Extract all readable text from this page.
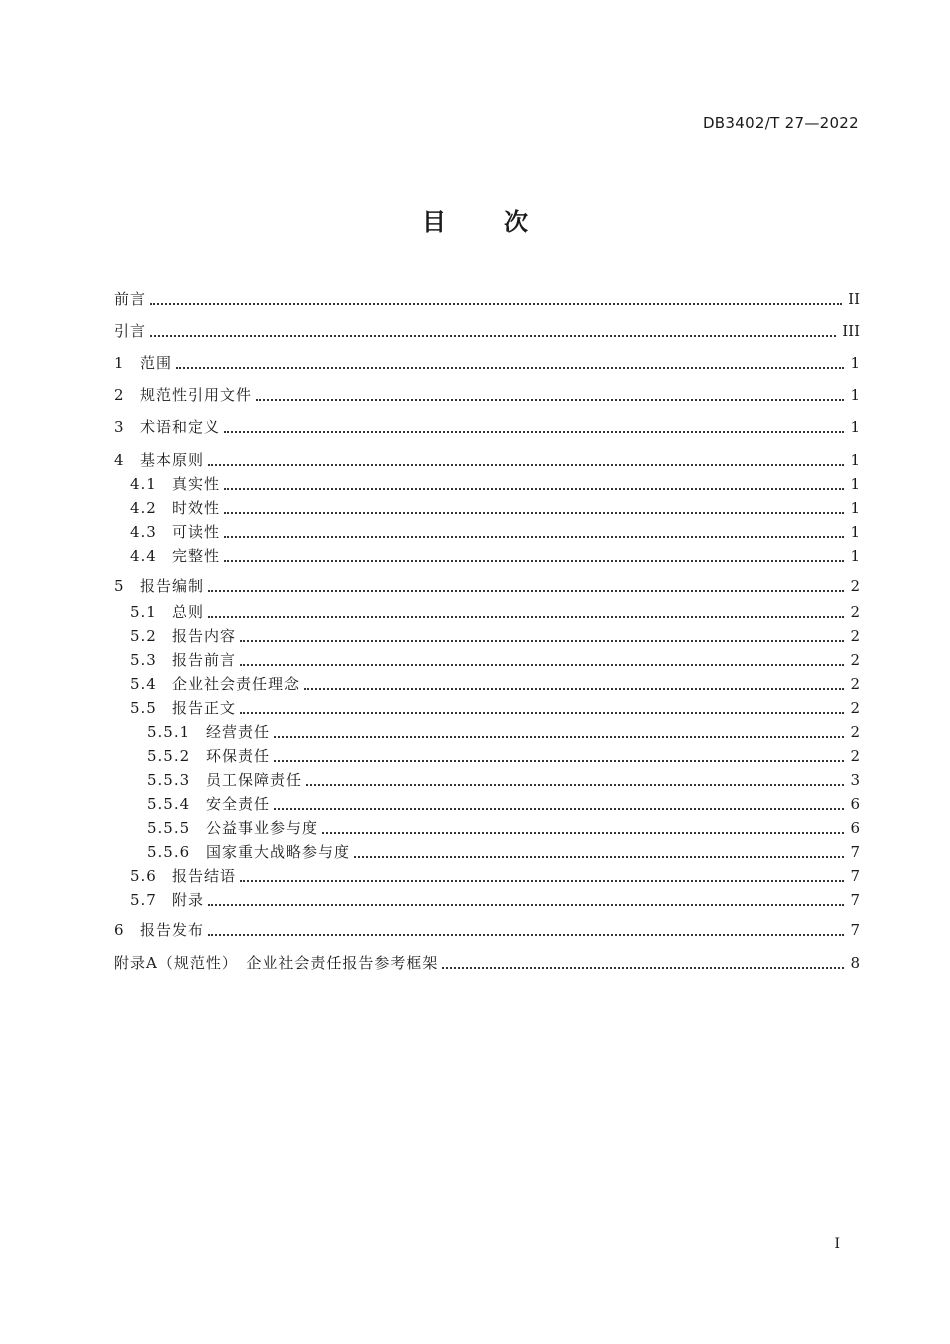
DB3402/T 27—2022
目 次
前言	II
引言	III
1	范围	1
2	规范性引用文件	1
3	术语和定义	1
4	基本原则	1
4.1	真实性	1
4.2	时效性	1
4.3	可读性	1
4.4	完整性	1
5	报告编制	2
5.1	总则	2
5.2	报告内容	2
5.3	报告前言	2
5.4	企业社会责任理念	2
5.5	报告正文	2
5.5.1	经营责任	2
5.5.2	环保责任	2
5.5.3	员工保障责任	3
5.5.4	安全责任	6
5.5.5	公益事业参与度	6
5.5.6	国家重大战略参与度	7
5.6	报告结语	7
5.7	附录	7
6	报告发布	7
附录A（规范性）　企业社会责任报告参考框架	8
I
